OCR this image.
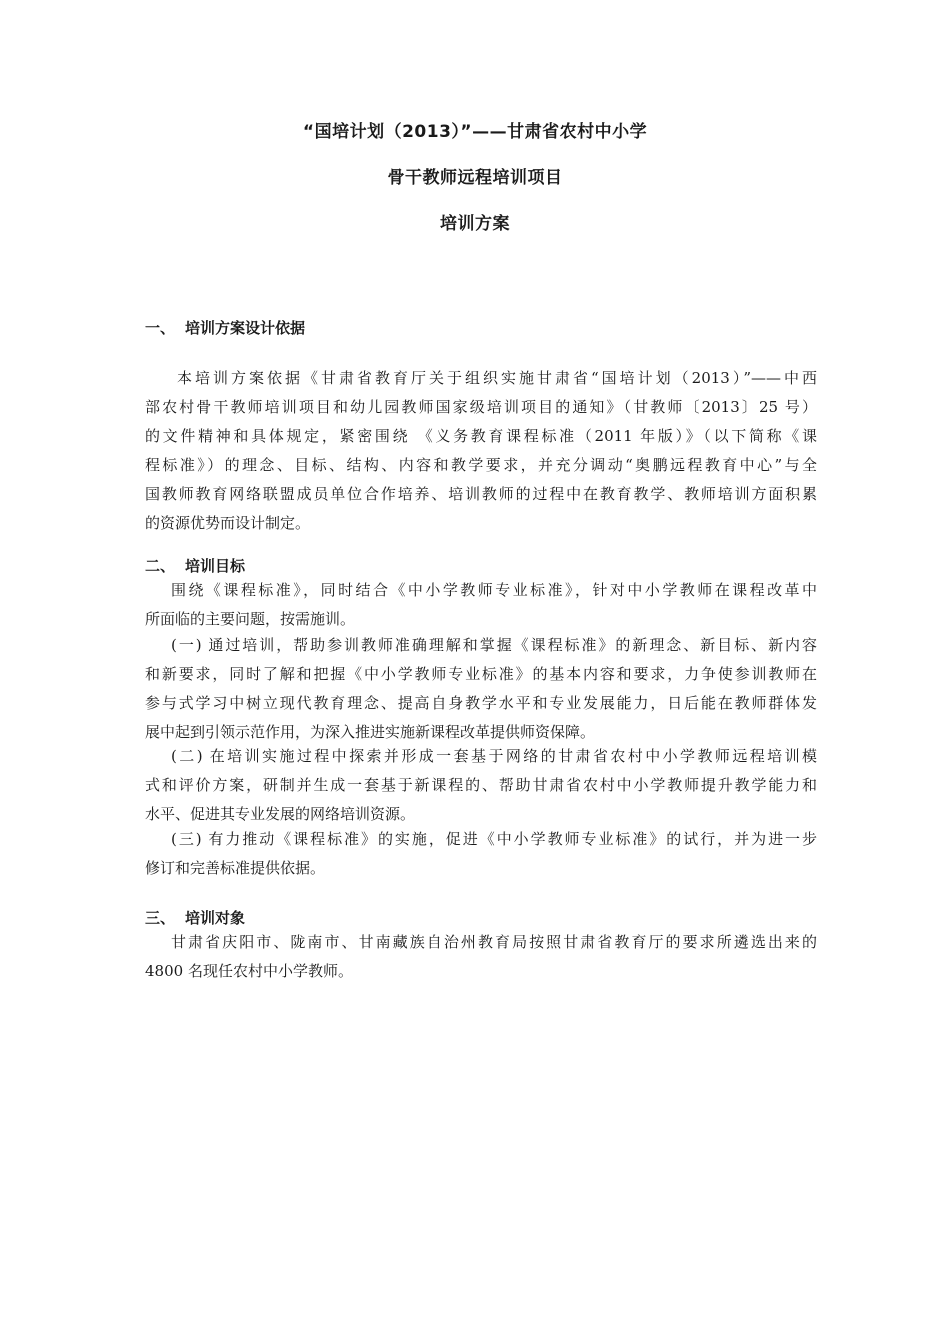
“国培计划（2013）”——甘肃省农村中小学
骨干教师远程培训项目
培训方案
一、 培训方案设计依据
本培训方案依据《甘肃省教育厅关于组织实施甘肃省“国培计划（2013）”——中西
部农村骨干教师培训项目和幼儿园教师国家级培训项目的通知》（甘教师〔2013〕25 号）
的文件精神和具体规定，紧密围绕 《义务教育课程标准（2011 年版）》（以下简称《课
程标准》）的理念、目标、结构、内容和教学要求，并充分调动“奥鹏远程教育中心”与全
国教师教育网络联盟成员单位合作培养、培训教师的过程中在教育教学、教师培训方面积累
的资源优势而设计制定。
二、 培训目标
围绕《课程标准》，同时结合《中小学教师专业标准》，针对中小学教师在课程改革中
所面临的主要问题，按需施训。
(一) 通过培训，帮助参训教师准确理解和掌握《课程标准》的新理念、新目标、新内容
和新要求，同时了解和把握《中小学教师专业标准》的基本内容和要求，力争使参训教师在
参与式学习中树立现代教育理念、提高自身教学水平和专业发展能力，日后能在教师群体发
展中起到引领示范作用，为深入推进实施新课程改革提供师资保障。
(二) 在培训实施过程中探索并形成一套基于网络的甘肃省农村中小学教师远程培训模
式和评价方案，研制并生成一套基于新课程的、帮助甘肃省农村中小学教师提升教学能力和
水平、促进其专业发展的网络培训资源。
(三) 有力推动《课程标准》的实施，促进《中小学教师专业标准》的试行，并为进一步
修订和完善标准提供依据。
三、 培训对象
甘肃省庆阳市、陇南市、甘南藏族自治州教育局按照甘肃省教育厅的要求所遴选出来的
4800 名现任农村中小学教师。
